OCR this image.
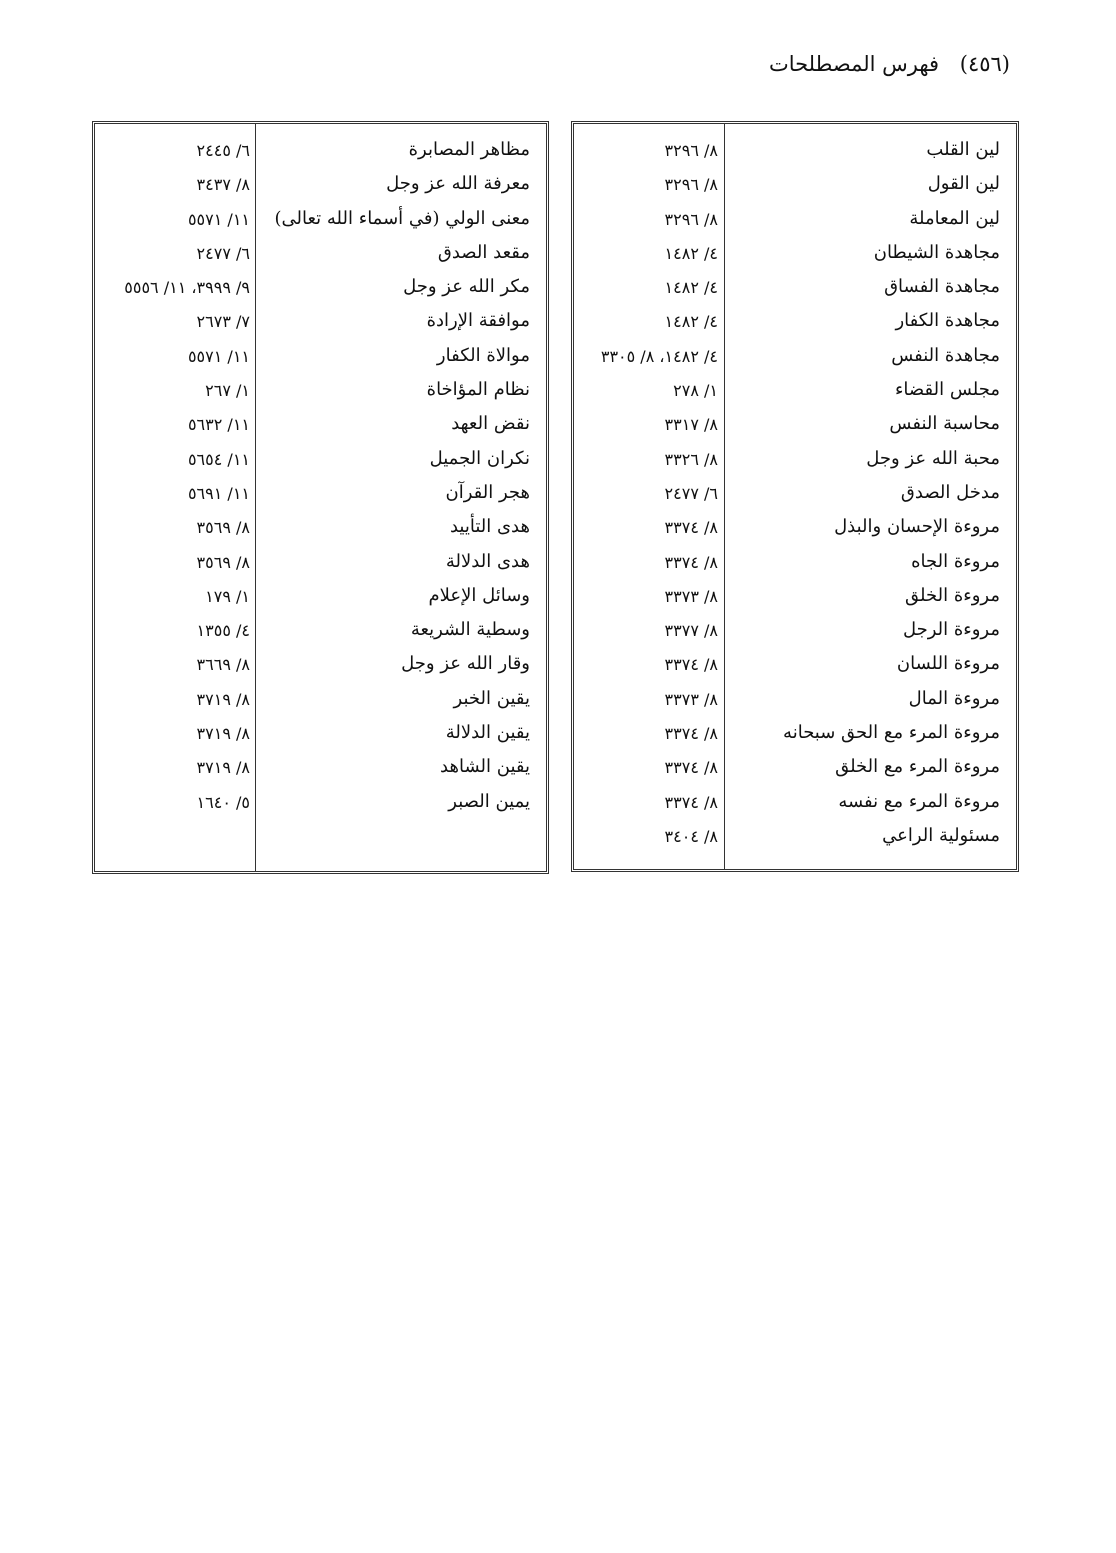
(٤٥٦) فهرس المصطلحات
لين القلب
٨/ ٣٢٩٦
لين القول
٨/ ٣٢٩٦
لين المعاملة
٨/ ٣٢٩٦
مجاهدة الشيطان
٤/ ١٤٨٢
مجاهدة الفساق
٤/ ١٤٨٢
مجاهدة الكفار
٤/ ١٤٨٢
مجاهدة النفس
٤/ ١٤٨٢، ٨/ ٣٣٠٥
مجلس القضاء
١/ ٢٧٨
محاسبة النفس
٨/ ٣٣١٧
محبة الله عز وجل
٨/ ٣٣٢٦
مدخل الصدق
٦/ ٢٤٧٧
مروءة الإحسان والبذل
٨/ ٣٣٧٤
مروءة الجاه
٨/ ٣٣٧٤
مروءة الخلق
٨/ ٣٣٧٣
مروءة الرجل
٨/ ٣٣٧٧
مروءة اللسان
٨/ ٣٣٧٤
مروءة المال
٨/ ٣٣٧٣
مروءة المرء مع الحق سبحانه
٨/ ٣٣٧٤
مروءة المرء مع الخلق
٨/ ٣٣٧٤
مروءة المرء مع نفسه
٨/ ٣٣٧٤
مسئولية الراعي
٨/ ٣٤٠٤
مظاهر المصابرة
٦/ ٢٤٤٥
معرفة الله عز وجل
٨/ ٣٤٣٧
معنى الولي (في أسماء الله تعالى)
١١/ ٥٥٧١
مقعد الصدق
٦/ ٢٤٧٧
مكر الله عز وجل
٩/ ٣٩٩٩، ١١/ ٥٥٥٦
موافقة الإرادة
٧/ ٢٦٧٣
موالاة الكفار
١١/ ٥٥٧١
نظام المؤاخاة
١/ ٢٦٧
نقض العهد
١١/ ٥٦٣٢
نكران الجميل
١١/ ٥٦٥٤
هجر القرآن
١١/ ٥٦٩١
هدى التأييد
٨/ ٣٥٦٩
هدى الدلالة
٨/ ٣٥٦٩
وسائل الإعلام
١/ ١٧٩
وسطية الشريعة
٤/ ١٣٥٥
وقار الله عز وجل
٨/ ٣٦٦٩
يقين الخبر
٨/ ٣٧١٩
يقين الدلالة
٨/ ٣٧١٩
يقين الشاهد
٨/ ٣٧١٩
يمين الصبر
٥/ ١٦٤٠
